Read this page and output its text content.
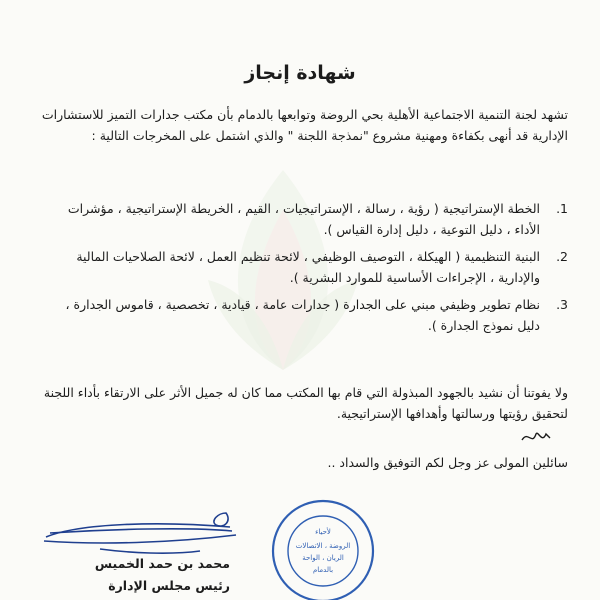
شهادة إنجاز
تشهد لجنة التنمية الاجتماعية الأهلية بحي الروضة وتوابعها بالدمام بأن مكتب جدارات التميز للاستشارات الإدارية قد أنهى بكفاءة ومهنية مشروع "نمذجة اللجنة " والذي اشتمل على المخرجات التالية :
1.
الخطة الإستراتيجية ( رؤية ، رسالة ، الإستراتيجيات ، القيم ، الخريطة الإستراتيجية ، مؤشرات الأداء ، دليل التوعية ، دليل إدارة القياس ).
2.
البنية التنظيمية ( الهيكلة ، التوصيف الوظيفي ، لائحة تنظيم العمل ، لائحة الصلاحيات المالية والإدارية ، الإجراءات الأساسية للموارد البشرية ).
3.
نظام تطوير وظيفي مبني على الجدارة ( جدارات عامة ، قيادية ، تخصصية ، قاموس الجدارة ، دليل نموذج الجدارة ).
ولا يفوتنا أن نشيد بالجهود المبذولة التي قام بها المكتب مما كان له جميل الأثر على الارتقاء بأداء اللجنة لتحقيق رؤيتها ورسالتها وأهدافها الإستراتيجية.
سائلين المولى عز وجل لكم التوفيق والسداد ..
محمد بن حمد الخميس
رئيس مجلس الإدارة
لأحياء
الروضة ، الاتصالات
الريان ، الواحة
بالدمام
